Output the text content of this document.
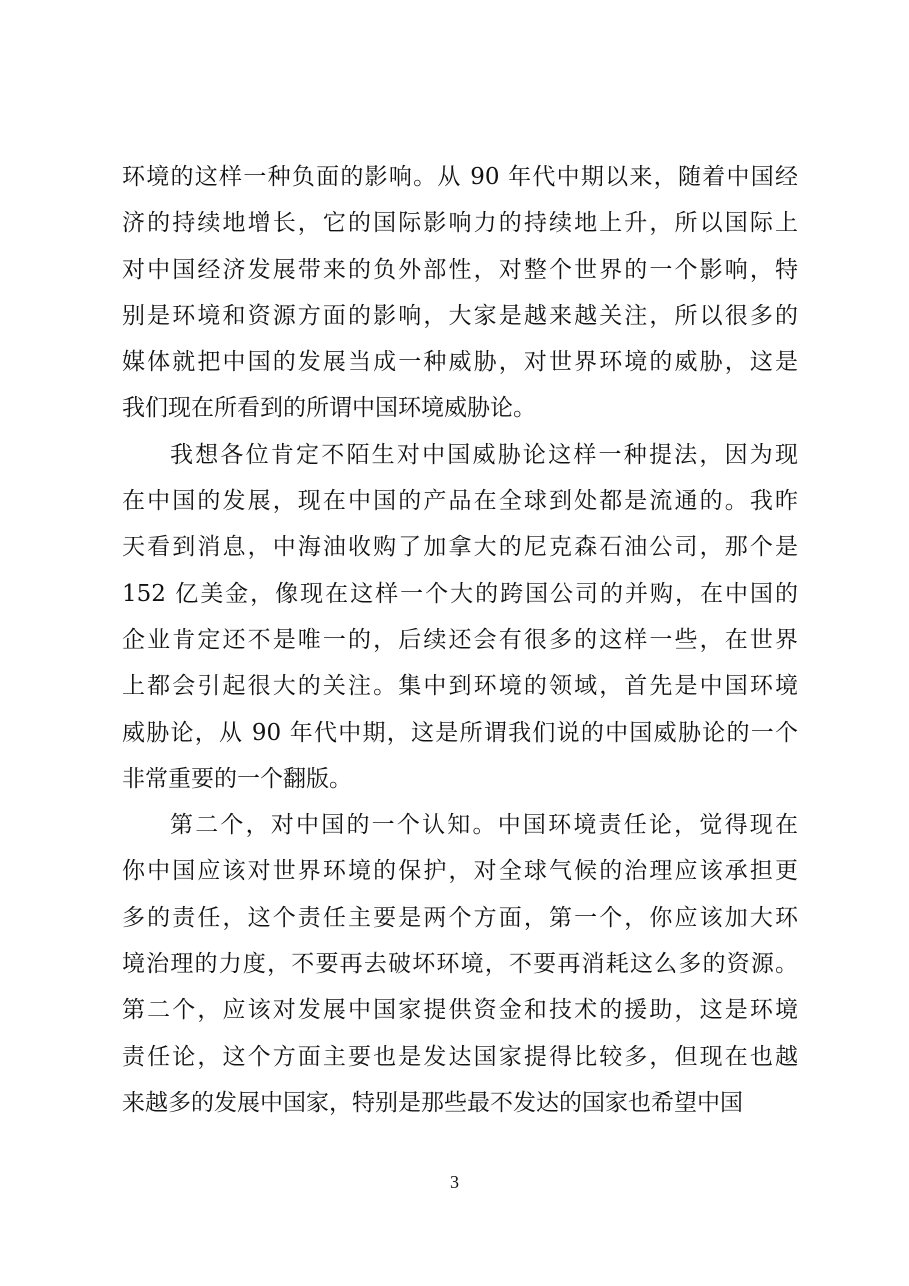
环境的这样一种负面的影响。从 90 年代中期以来，随着中国经
济的持续地增长，它的国际影响力的持续地上升，所以国际上
对中国经济发展带来的负外部性，对整个世界的一个影响，特
别是环境和资源方面的影响，大家是越来越关注，所以很多的
媒体就把中国的发展当成一种威胁，对世界环境的威胁，这是
我们现在所看到的所谓中国环境威胁论。
我想各位肯定不陌生对中国威胁论这样一种提法，因为现
在中国的发展，现在中国的产品在全球到处都是流通的。我昨
天看到消息，中海油收购了加拿大的尼克森石油公司，那个是
152 亿美金，像现在这样一个大的跨国公司的并购，在中国的
企业肯定还不是唯一的，后续还会有很多的这样一些，在世界
上都会引起很大的关注。集中到环境的领域，首先是中国环境
威胁论，从 90 年代中期，这是所谓我们说的中国威胁论的一个
非常重要的一个翻版。
第二个，对中国的一个认知。中国环境责任论，觉得现在
你中国应该对世界环境的保护，对全球气候的治理应该承担更
多的责任，这个责任主要是两个方面，第一个，你应该加大环
境治理的力度，不要再去破坏环境，不要再消耗这么多的资源。
第二个，应该对发展中国家提供资金和技术的援助，这是环境
责任论，这个方面主要也是发达国家提得比较多，但现在也越
来越多的发展中国家，特别是那些最不发达的国家也希望中国
3
